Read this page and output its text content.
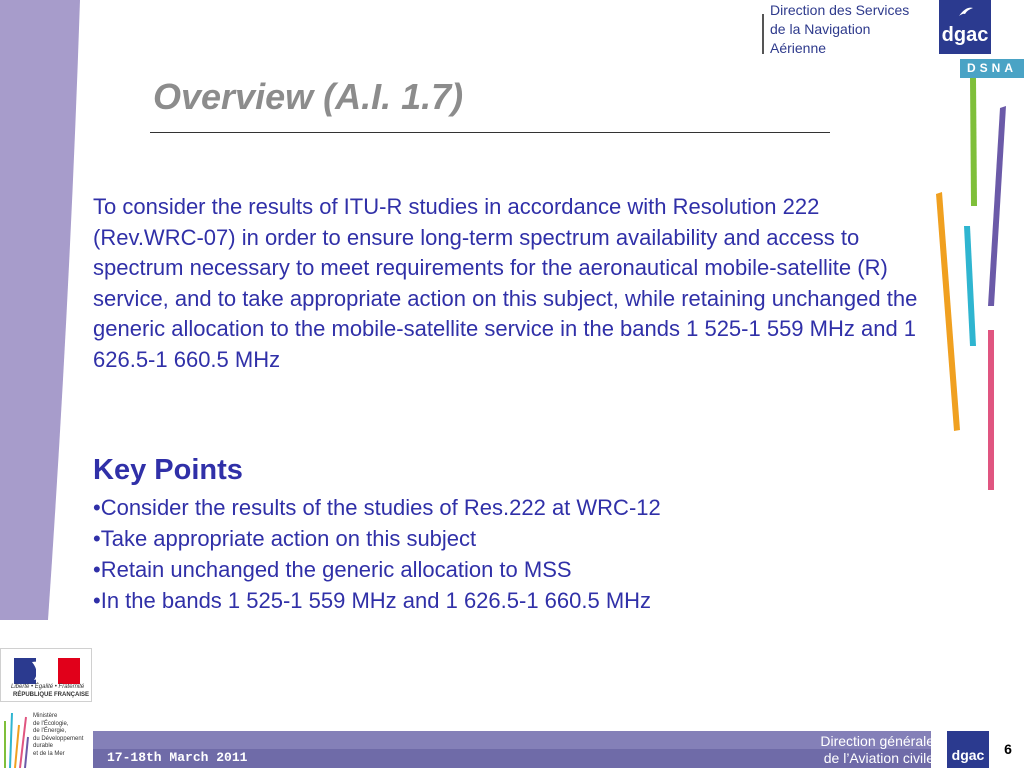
Overview (A.I. 1.7)
To consider the results of ITU-R studies in accordance with Resolution 222 (Rev.WRC-07) in order to ensure long-term spectrum availability and access to spectrum necessary to meet requirements for the aeronautical mobile-satellite (R) service, and to take appropriate action on this subject, while retaining unchanged the generic allocation to the mobile-satellite service in the bands 1 525-1 559 MHz and 1 626.5-1 660.5 MHz
Key Points
•Consider the results of the studies of Res.222 at WRC-12
•Take appropriate action on this subject
•Retain unchanged the generic allocation to MSS
•In the bands 1 525-1 559 MHz and 1 626.5-1 660.5 MHz
Direction des Services
de la Navigation
Aérienne
dgac
DSNA
17-18th March 2011
Direction générale
de l’Aviation civile	dgac	6
Liberté • Égalité • Fraternité
RÉPUBLIQUE FRANÇAISE
Ministère
de l'Écologie,
de l'Énergie,
du Développement
durable
et de la Mer
